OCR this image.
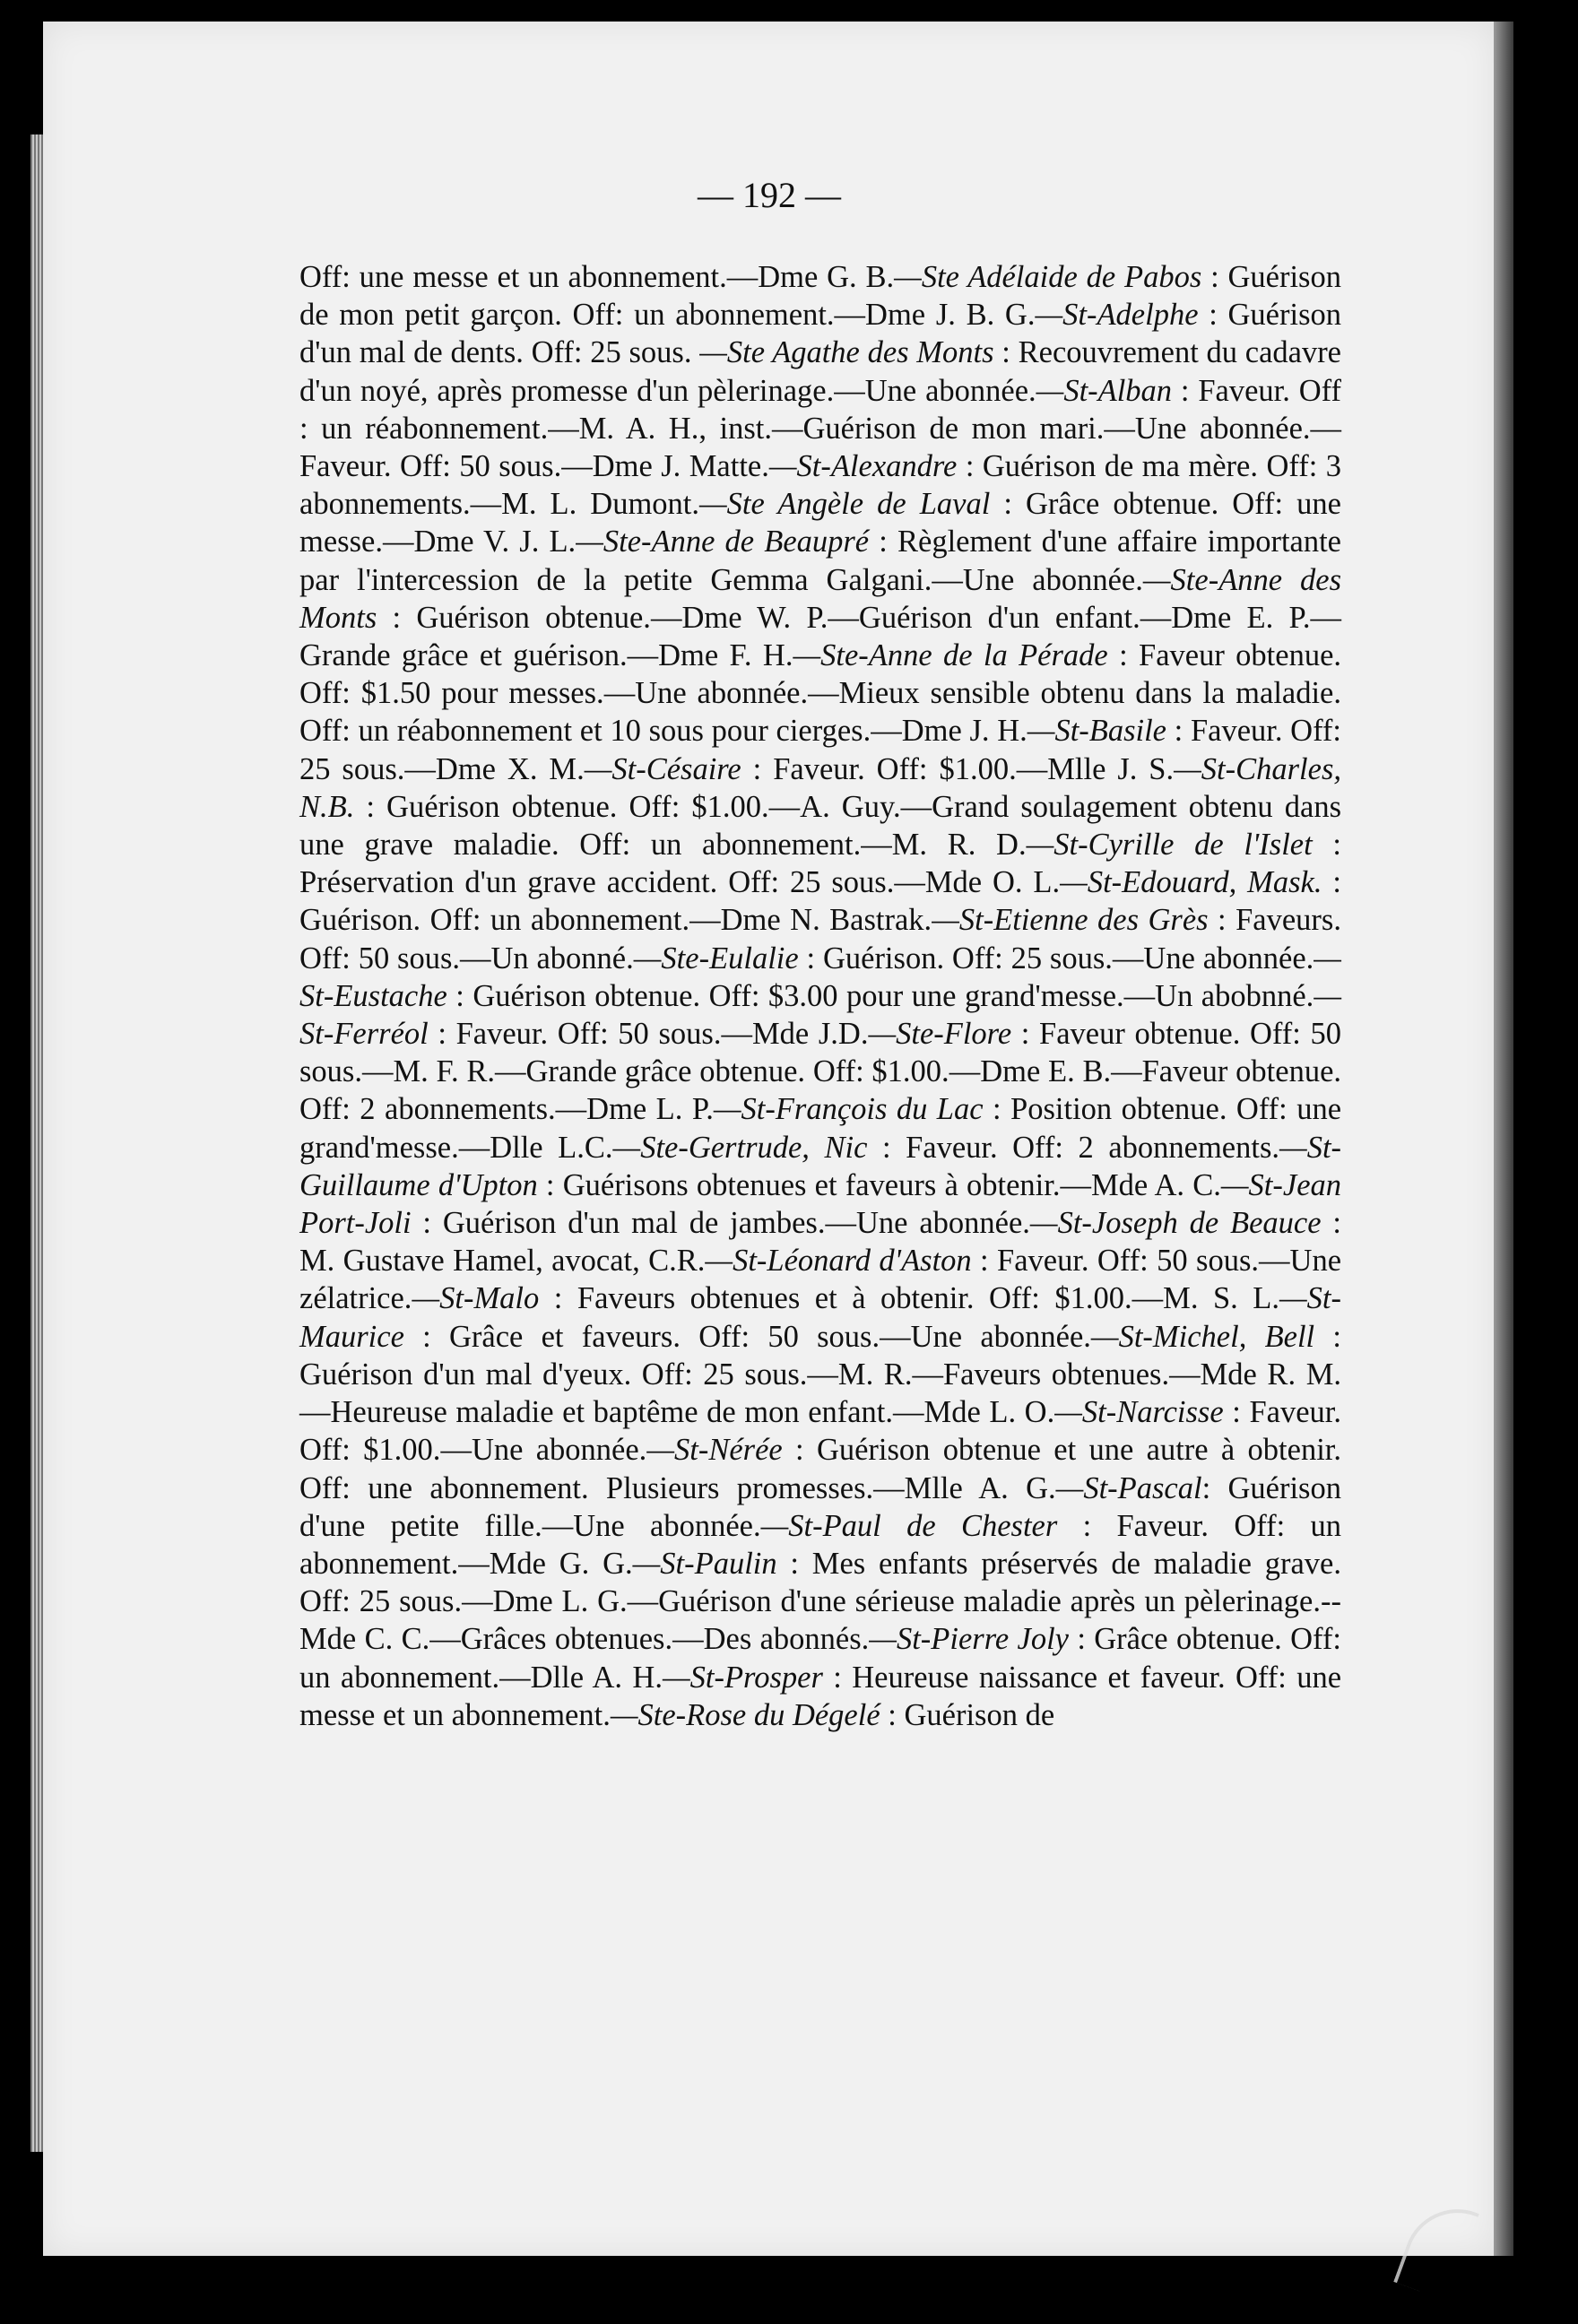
— 192 —
Off: une messe et un abonnement.—Dme G. B.—Ste Adélaide de Pabos : Guérison de mon petit garçon. Off: un abonnement.—Dme J. B. G.—St-Adelphe : Guérison d'un mal de dents. Off: 25 sous. —Ste Agathe des Monts : Recouvrement du cadavre d'un noyé, après promesse d'un pèlerinage.—Une abonnée.—St-Alban : Faveur. Off : un réabonnement.—M. A. H., inst.—Guérison de mon mari.—Une abonnée.—Faveur. Off: 50 sous.—Dme J. Matte.—St-Alexandre : Guérison de ma mère. Off: 3 abonnements.—M. L. Dumont.—Ste Angèle de Laval : Grâce obtenue. Off: une messe.—Dme V. J. L.—Ste-Anne de Beaupré : Règlement d'une affaire importante par l'intercession de la petite Gemma Galgani.—Une abonnée.—Ste-Anne des Monts : Guérison obtenue.—Dme W. P.—Guérison d'un enfant.—Dme E. P.—Grande grâce et guérison.—Dme F. H.—Ste-Anne de la Pérade : Faveur obtenue. Off: $1.50 pour messes.—Une abonnée.—Mieux sensible obtenu dans la maladie. Off: un réabonnement et 10 sous pour cierges.—Dme J. H.—St-Basile : Faveur. Off: 25 sous.—Dme X. M.—St-Césaire : Faveur. Off: $1.00.—Mlle J. S.—St-Charles, N.B. : Guérison obtenue. Off: $1.00.—A. Guy.—Grand soulagement obtenu dans une grave maladie. Off: un abonnement.—M. R. D.—St-Cyrille de l'Islet : Préservation d'un grave accident. Off: 25 sous.—Mde O. L.—St-Edouard, Mask. : Guérison. Off: un abonnement.—Dme N. Bastrak.—St-Etienne des Grès : Faveurs. Off: 50 sous.—Un abonné.—Ste-Eulalie : Guérison. Off: 25 sous.—Une abonnée.—St-Eustache : Guérison obtenue. Off: $3.00 pour une grand'messe.—Un abobnné.—St-Ferréol : Faveur. Off: 50 sous.—Mde J.D.—Ste-Flore : Faveur obtenue. Off: 50 sous.—M. F. R.—Grande grâce obtenue. Off: $1.00.—Dme E. B.—Faveur obtenue. Off: 2 abonnements.—Dme L. P.—St-François du Lac : Position obtenue. Off: une grand'messe.—Dlle L.C.—Ste-Gertrude, Nic : Faveur. Off: 2 abonnements.—St-Guillaume d'Upton : Guérisons obtenues et faveurs à obtenir.—Mde A. C.—St-Jean Port-Joli : Guérison d'un mal de jambes.—Une abonnée.—St-Joseph de Beauce : M. Gustave Hamel, avocat, C.R.—St-Léonard d'Aston : Faveur. Off: 50 sous.—Une zélatrice.—St-Malo : Faveurs obtenues et à obtenir. Off: $1.00.—M. S. L.—St-Maurice : Grâce et faveurs. Off: 50 sous.—Une abonnée.—St-Michel, Bell : Guérison d'un mal d'yeux. Off: 25 sous.—M. R.—Faveurs obtenues.—Mde R. M.—Heureuse maladie et baptême de mon enfant.—Mde L. O.—St-Narcisse : Faveur. Off: $1.00.—Une abonnée.—St-Nérée : Guérison obtenue et une autre à obtenir. Off: une abonnement. Plusieurs promesses.—Mlle A. G.—St-Pascal: Guérison d'une petite fille.—Une abonnée.—St-Paul de Chester : Faveur. Off: un abonnement.—Mde G. G.—St-Paulin : Mes enfants préservés de maladie grave. Off: 25 sous.—Dme L. G.—Guérison d'une sérieuse maladie après un pèlerinage.--Mde C. C.—Grâces obtenues.—Des abonnés.—St-Pierre Joly : Grâce obtenue. Off: un abonnement.—Dlle A. H.—St-Prosper : Heureuse naissance et faveur. Off: une messe et un abonnement.—Ste-Rose du Dégelé : Guérison de
